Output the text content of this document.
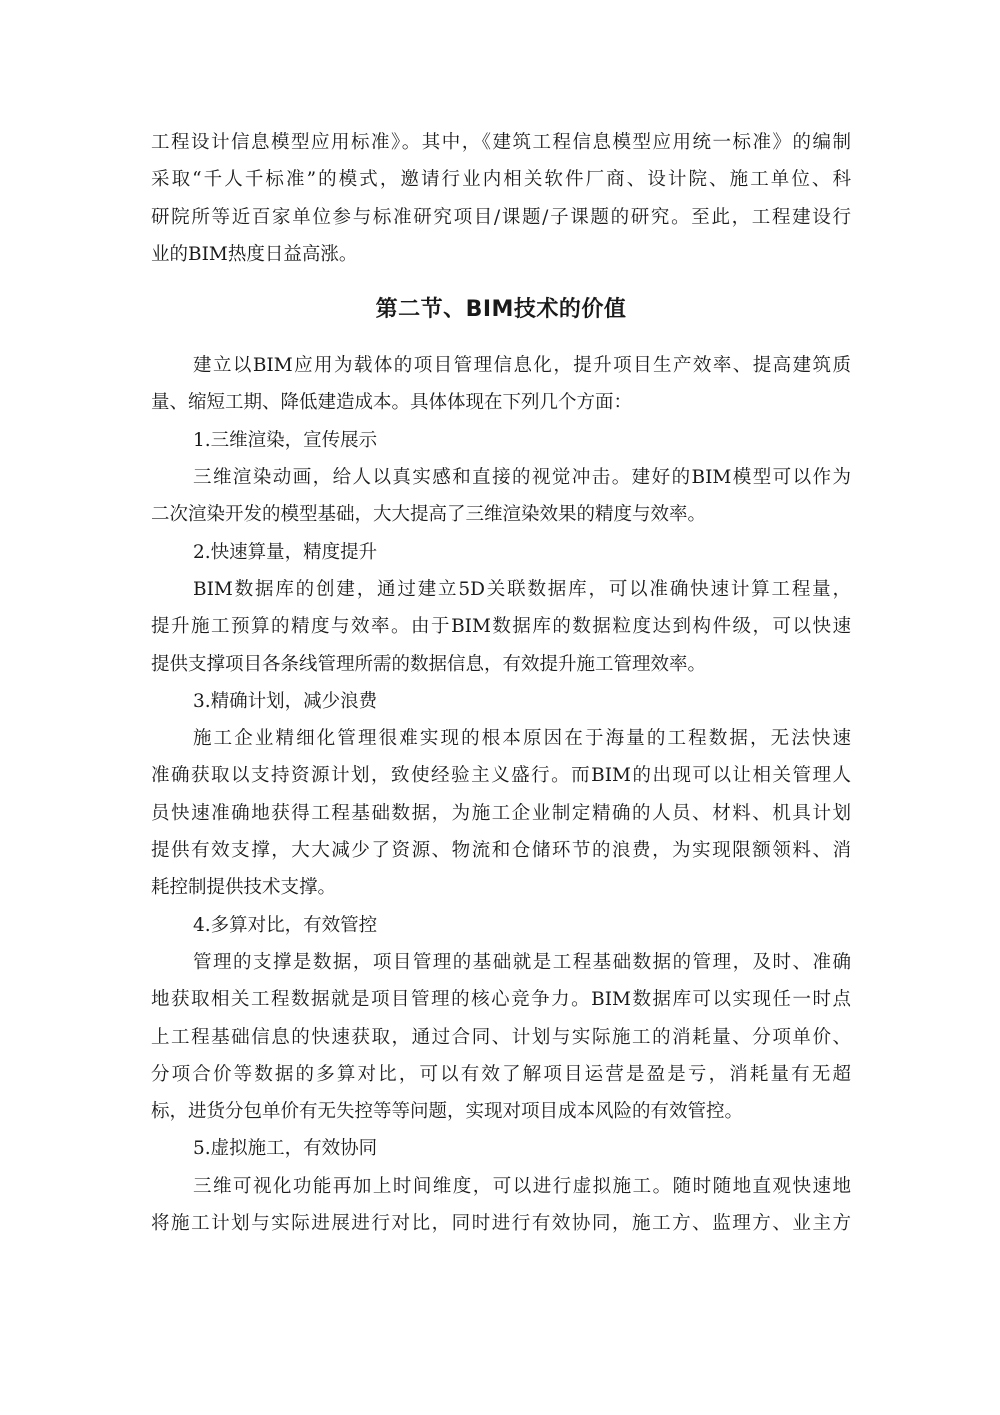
工程设计信息模型应用标准》。其中，《建筑工程信息模型应用统一标准》的编制
采取“千人千标准”的模式，邀请行业内相关软件厂商、设计院、施工单位、科
研院所等近百家单位参与标准研究项目/课题/子课题的研究。至此，工程建设行
业的BIM热度日益高涨。
第二节、BIM技术的价值
建立以BIM应用为载体的项目管理信息化，提升项目生产效率、提高建筑质
量、缩短工期、降低建造成本。具体体现在下列几个方面：
1.三维渲染，宣传展示
三维渲染动画，给人以真实感和直接的视觉冲击。建好的BIM模型可以作为
二次渲染开发的模型基础，大大提高了三维渲染效果的精度与效率。
2.快速算量，精度提升
BIM数据库的创建，通过建立5D关联数据库，可以准确快速计算工程量，
提升施工预算的精度与效率。由于BIM数据库的数据粒度达到构件级，可以快速
提供支撑项目各条线管理所需的数据信息，有效提升施工管理效率。
3.精确计划，减少浪费
施工企业精细化管理很难实现的根本原因在于海量的工程数据，无法快速
准确获取以支持资源计划，致使经验主义盛行。而BIM的出现可以让相关管理人
员快速准确地获得工程基础数据，为施工企业制定精确的人员、材料、机具计划
提供有效支撑，大大减少了资源、物流和仓储环节的浪费，为实现限额领料、消
耗控制提供技术支撑。
4.多算对比，有效管控
管理的支撑是数据，项目管理的基础就是工程基础数据的管理，及时、准确
地获取相关工程数据就是项目管理的核心竞争力。BIM数据库可以实现任一时点
上工程基础信息的快速获取，通过合同、计划与实际施工的消耗量、分项单价、
分项合价等数据的多算对比，可以有效了解项目运营是盈是亏，消耗量有无超
标，进货分包单价有无失控等等问题，实现对项目成本风险的有效管控。
5.虚拟施工，有效协同
三维可视化功能再加上时间维度，可以进行虚拟施工。随时随地直观快速地
将施工计划与实际进展进行对比，同时进行有效协同，施工方、监理方、业主方
